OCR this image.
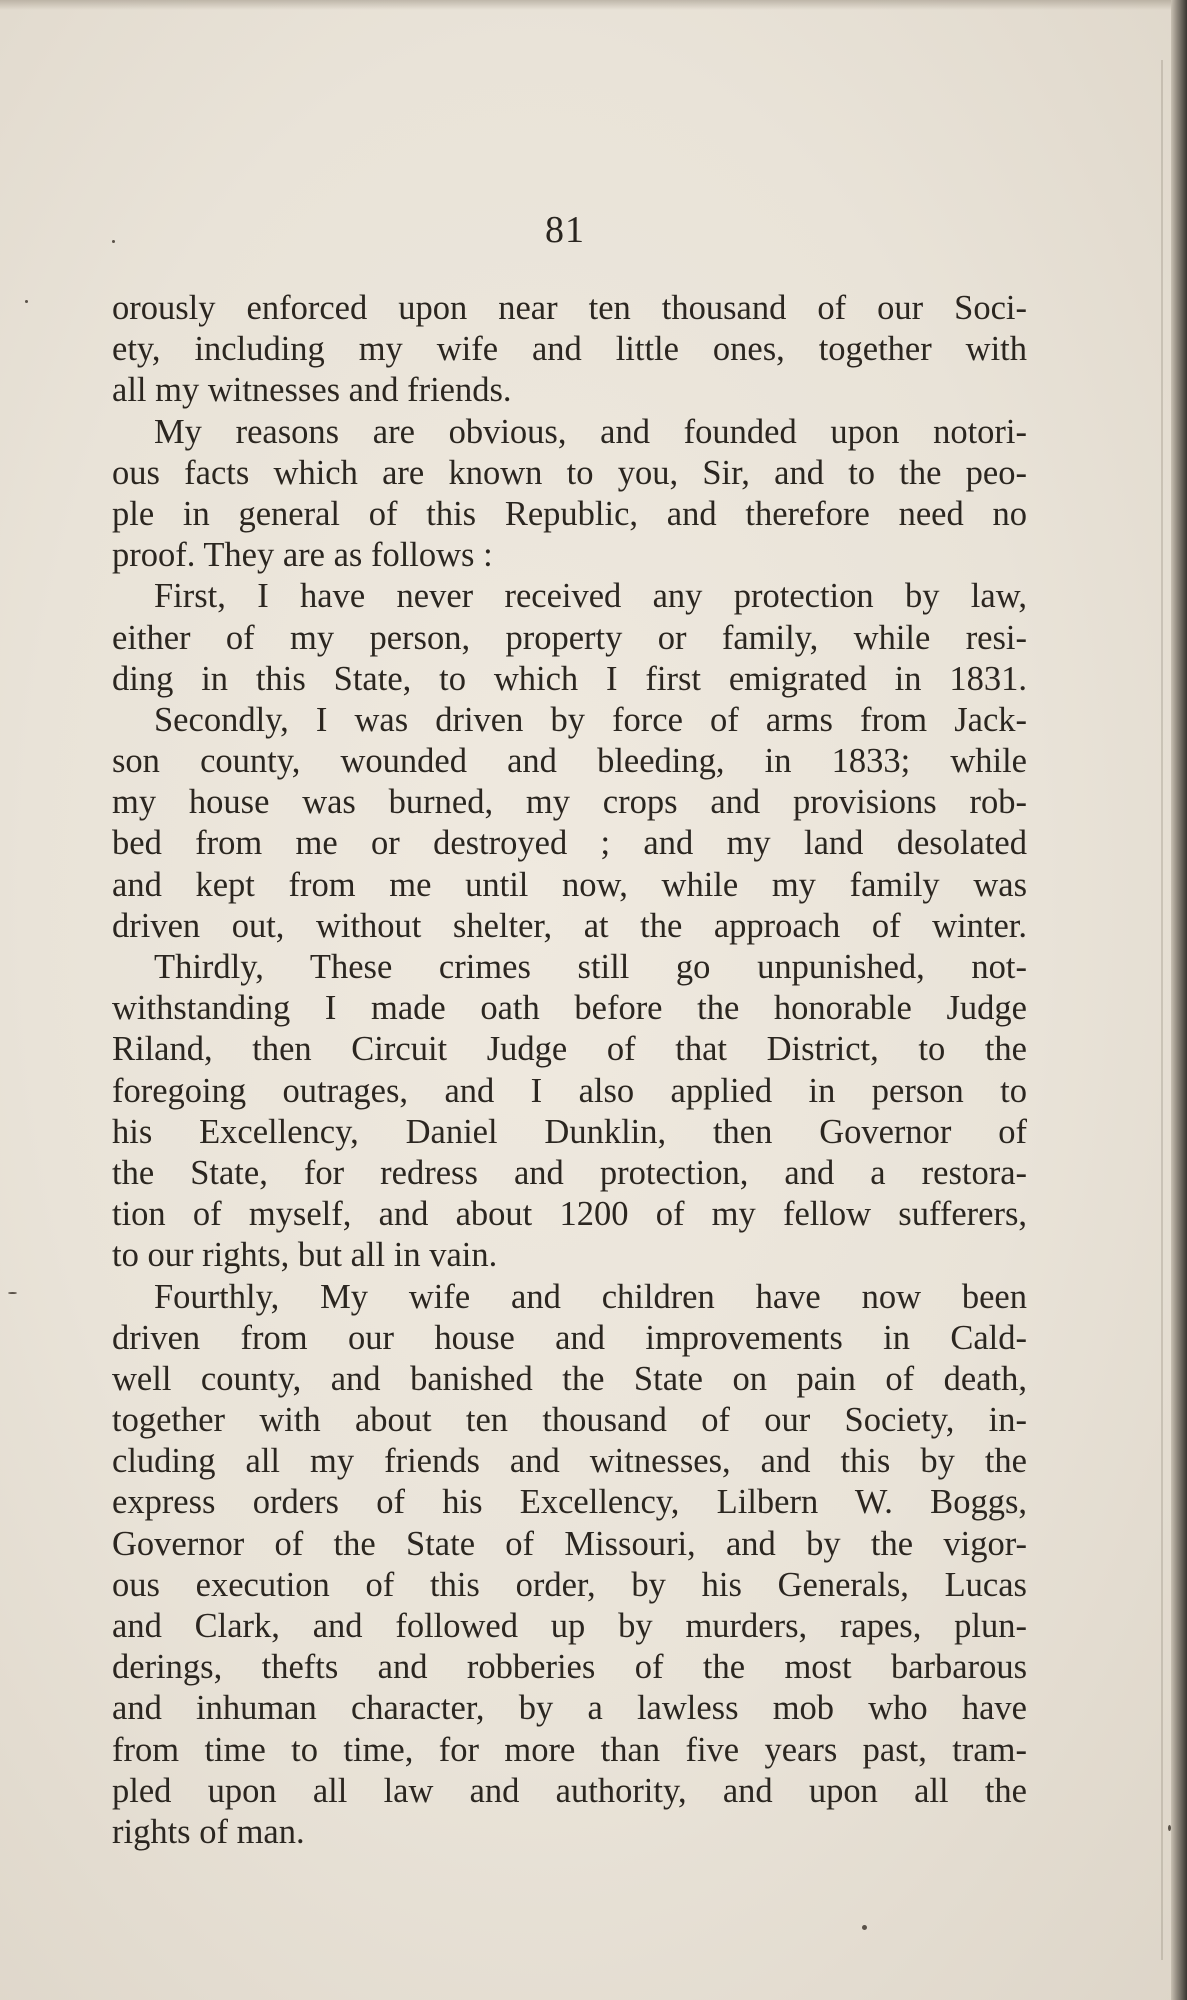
81
orously enforced upon near ten thousand of our Soci-
ety, including my wife and little ones, together with
all my witnesses and friends.
My reasons are obvious, and founded upon notori-
ous facts which are known to you, Sir, and to the peo-
ple in general of this Republic, and therefore need no
proof. They are as follows :
First, I have never received any protection by law,
either of my person, property or family, while resi-
ding in this State, to which I first emigrated in 1831.
Secondly, I was driven by force of arms from Jack-
son county, wounded and bleeding, in 1833; while
my house was burned, my crops and provisions rob-
bed from me or destroyed ; and my land desolated
and kept from me until now, while my family was
driven out, without shelter, at the approach of winter.
Thirdly, These crimes still go unpunished, not-
withstanding I made oath before the honorable Judge
Riland, then Circuit Judge of that District, to the
foregoing outrages, and I also applied in person to
his Excellency, Daniel Dunklin, then Governor of
the State, for redress and protection, and a restora-
tion of myself, and about 1200 of my fellow sufferers,
to our rights, but all in vain.
Fourthly, My wife and children have now been
driven from our house and improvements in Cald-
well county, and banished the State on pain of death,
together with about ten thousand of our Society, in-
cluding all my friends and witnesses, and this by the
express orders of his Excellency, Lilbern W. Boggs,
Governor of the State of Missouri, and by the vigor-
ous execution of this order, by his Generals, Lucas
and Clark, and followed up by murders, rapes, plun-
derings, thefts and robberies of the most barbarous
and inhuman character, by a lawless mob who have
from time to time, for more than five years past, tram-
pled upon all law and authority, and upon all the
rights of man.
